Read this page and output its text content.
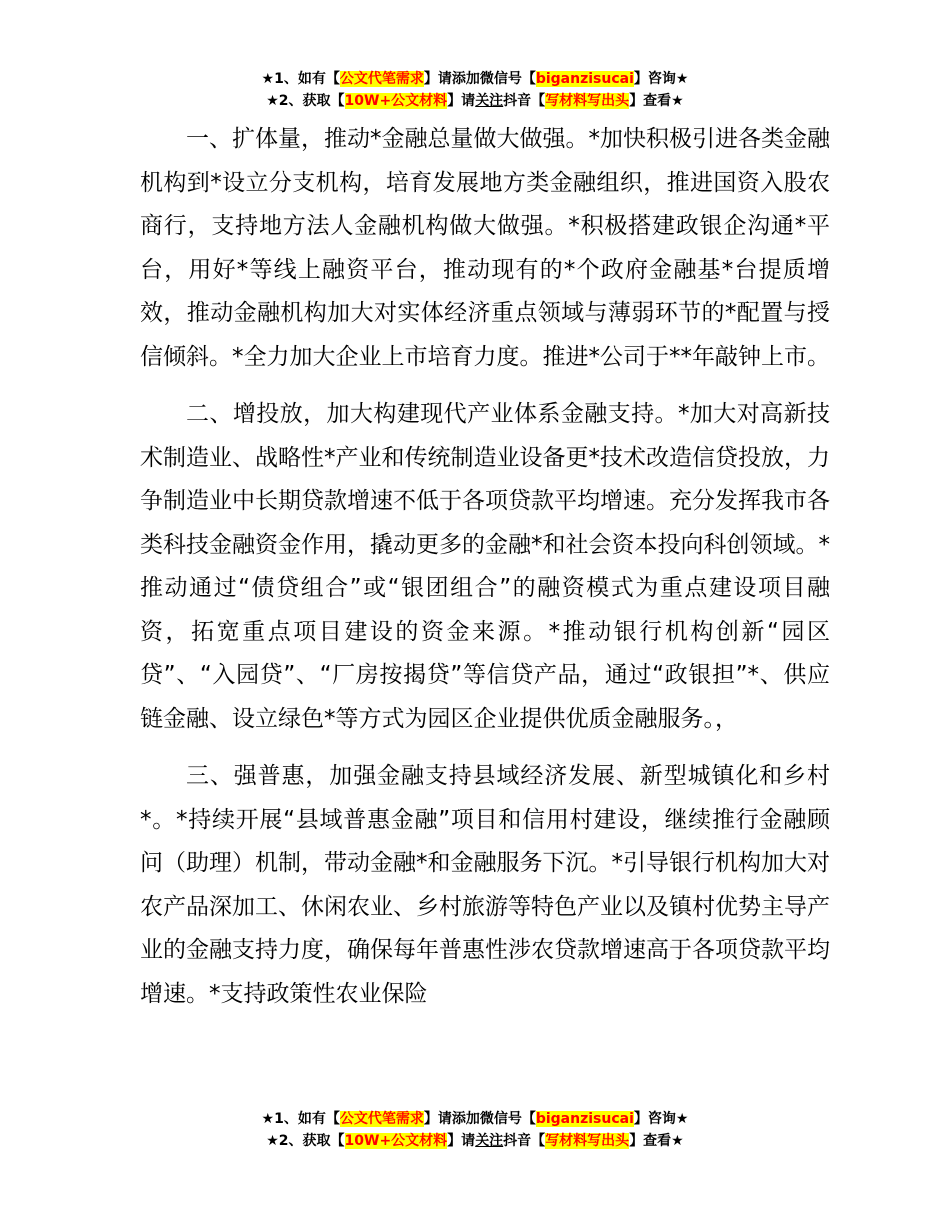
★1、如有【公文代笔需求】请添加微信号【biganzisucai】咨询★
★2、获取【10W+公文材料】请关注抖音【写材料写出头】查看★

一、扩体量，推动*金融总量做大做强。*加快积极引进各类金融机构到*设立分支机构，培育发展地方类金融组织，推进国资入股农商行，支持地方法人金融机构做大做强。*积极搭建政银企沟通*平台，用好*等线上融资平台，推动现有的*个政府金融基*台提质增效，推动金融机构加大对实体经济重点领域与薄弱环节的*配置与授信倾斜。*全力加大企业上市培育力度。推进*公司于**年敲钟上市。

二、增投放，加大构建现代产业体系金融支持。*加大对高新技术制造业、战略性*产业和传统制造业设备更*技术改造信贷投放，力争制造业中长期贷款增速不低于各项贷款平均增速。充分发挥我市各类科技金融资金作用，撬动更多的金融*和社会资本投向科创领域。*推动通过“债贷组合”或“银团组合”的融资模式为重点建设项目融资，拓宽重点项目建设的资金来源。*推动银行机构创新“园区贷”、“入园贷”、“厂房按揭贷”等信贷产品，通过“政银担”*、供应链金融、设立绿色*等方式为园区企业提供优质金融服务。，

三、强普惠，加强金融支持县域经济发展、新型城镇化和乡村*。*持续开展“县域普惠金融”项目和信用村建设，继续推行金融顾问（助理）机制，带动金融*和金融服务下沉。*引导银行机构加大对农产品深加工、休闲农业、乡村旅游等特色产业以及镇村优势主导产业的金融支持力度，确保每年普惠性涉农贷款增速高于各项贷款平均增速。*支持政策性农业保险

★1、如有【公文代笔需求】请添加微信号【biganzisucai】咨询★
★2、获取【10W+公文材料】请关注抖音【写材料写出头】查看★
